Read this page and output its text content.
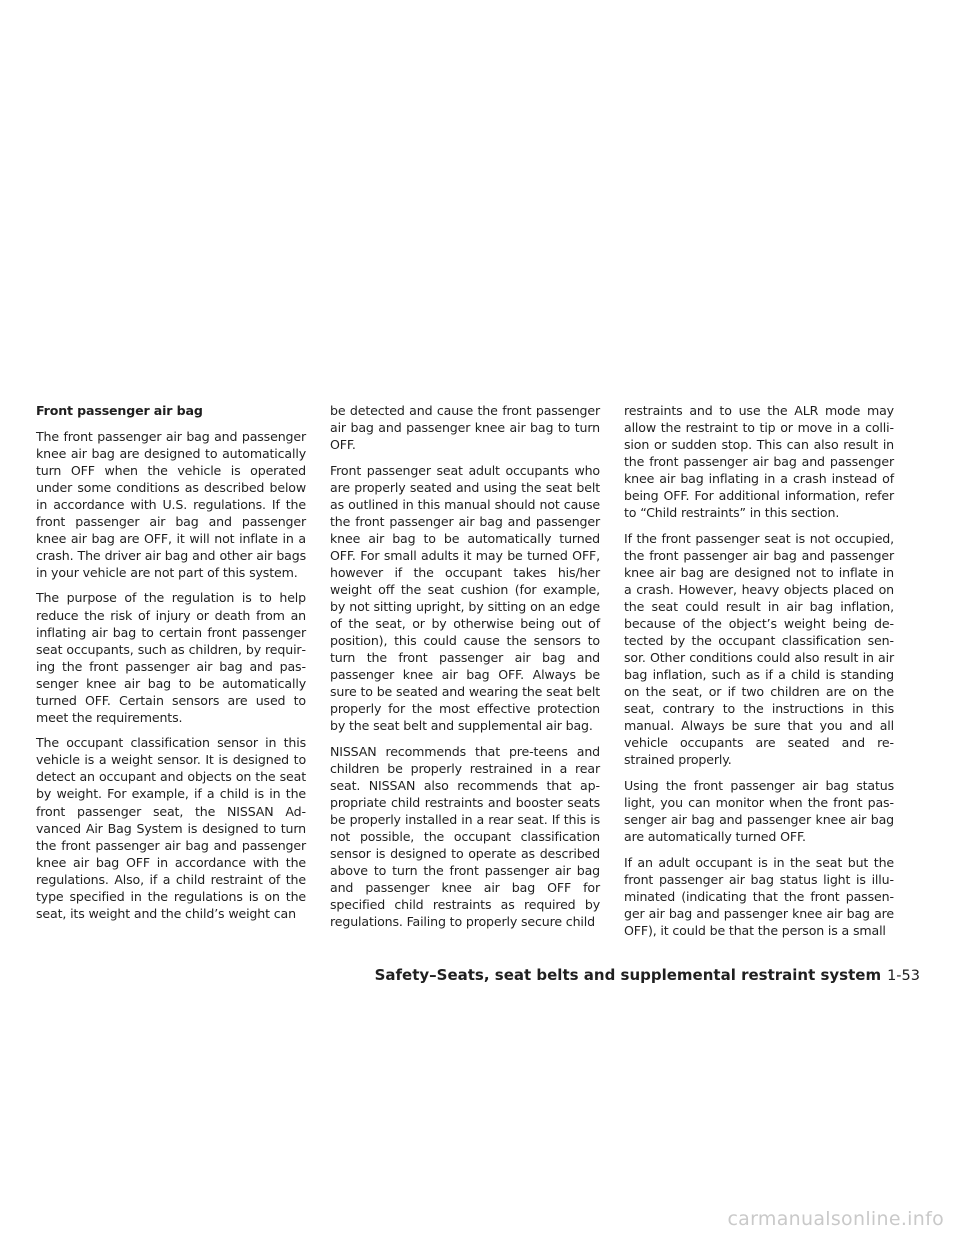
Front passenger air bag

The front passenger air bag and passenger knee air bag are designed to automatically turn OFF when the vehicle is operated under some conditions as described below in accordance with U.S. regulations. If the front passenger air bag and passenger knee air bag are OFF, it will not inflate in a crash. The driver air bag and other air bags in your vehicle are not part of this system.

The purpose of the regulation is to help reduce the risk of injury or death from an inflating air bag to certain front passenger seat occupants, such as children, by requiring the front passenger air bag and passenger knee air bag to be automatically turned OFF. Certain sensors are used to meet the requirements.

The occupant classification sensor in this vehicle is a weight sensor. It is designed to detect an occupant and objects on the seat by weight. For example, if a child is in the front passenger seat, the NISSAN Advanced Air Bag System is designed to turn the front passenger air bag and passenger knee air bag OFF in accordance with the regulations. Also, if a child restraint of the type specified in the regulations is on the seat, its weight and the child’s weight can

be detected and cause the front passenger air bag and passenger knee air bag to turn OFF.

Front passenger seat adult occupants who are properly seated and using the seat belt as outlined in this manual should not cause the front passenger air bag and passenger knee air bag to be automatically turned OFF. For small adults it may be turned OFF, however if the occupant takes his/her weight off the seat cushion (for example, by not sitting upright, by sitting on an edge of the seat, or by otherwise being out of position), this could cause the sensors to turn the front passenger air bag and passenger knee air bag OFF. Always be sure to be seated and wearing the seat belt properly for the most effective protection by the seat belt and supplemental air bag.

NISSAN recommends that pre-teens and children be properly restrained in a rear seat. NISSAN also recommends that appropriate child restraints and booster seats be properly installed in a rear seat. If this is not possible, the occupant classification sensor is designed to operate as described above to turn the front passenger air bag and passenger knee air bag OFF for specified child restraints as required by regulations. Failing to properly secure child

restraints and to use the ALR mode may allow the restraint to tip or move in a collision or sudden stop. This can also result in the front passenger air bag and passenger knee air bag inflating in a crash instead of being OFF. For additional information, refer to “Child restraints” in this section.

If the front passenger seat is not occupied, the front passenger air bag and passenger knee air bag are designed not to inflate in a crash. However, heavy objects placed on the seat could result in air bag inflation, because of the object’s weight being detected by the occupant classification sensor. Other conditions could also result in air bag inflation, such as if a child is standing on the seat, or if two children are on the seat, contrary to the instructions in this manual. Always be sure that you and all vehicle occupants are seated and restrained properly.

Using the front passenger air bag status light, you can monitor when the front passenger air bag and passenger knee air bag are automatically turned OFF.

If an adult occupant is in the seat but the front passenger air bag status light is illuminated (indicating that the front passenger air bag and passenger knee air bag are OFF), it could be that the person is a small

Safety–Seats, seat belts and supplemental restraint system 1-53
carmanualsonline.info
